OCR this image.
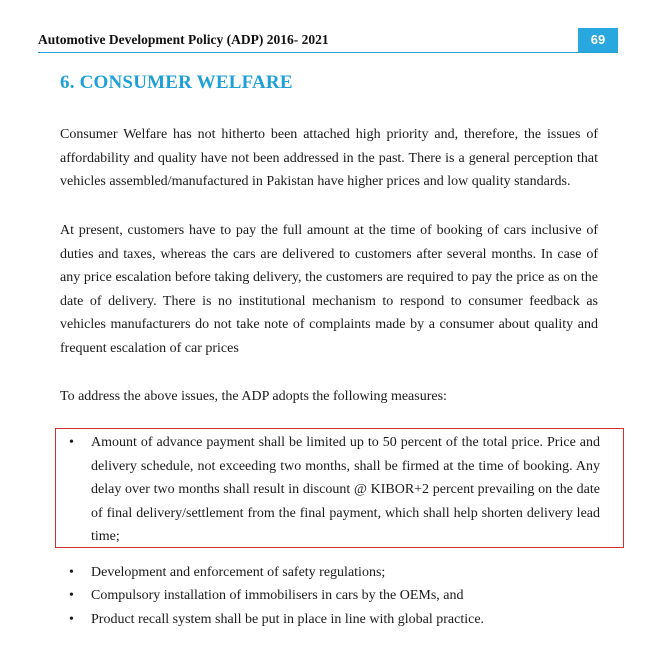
Automotive Development Policy (ADP) 2016- 2021	69
6. CONSUMER WELFARE

Consumer Welfare has not hitherto been attached high priority and, therefore, the issues of affordability and quality have not been addressed in the past. There is a general perception that vehicles assembled/manufactured in Pakistan have higher prices and low quality standards.

At present, customers have to pay the full amount at the time of booking of cars inclusive of duties and taxes, whereas the cars are delivered to customers after several months. In case of any price escalation before taking delivery, the customers are required to pay the price as on the date of delivery. There is no institutional mechanism to respond to consumer feedback as vehicles manufacturers do not take note of complaints made by a consumer about quality and frequent escalation of car prices

To address the above issues, the ADP adopts the following measures:

• Amount of advance payment shall be limited up to 50 percent of the total price. Price and delivery schedule, not exceeding two months, shall be firmed at the time of booking. Any delay over two months shall result in discount @ KIBOR+2 percent prevailing on the date of final delivery/settlement from the final payment, which shall help shorten delivery lead time;
• Development and enforcement of safety regulations;
• Compulsory installation of immobilisers in cars by the OEMs, and
• Product recall system shall be put in place in line with global practice.
